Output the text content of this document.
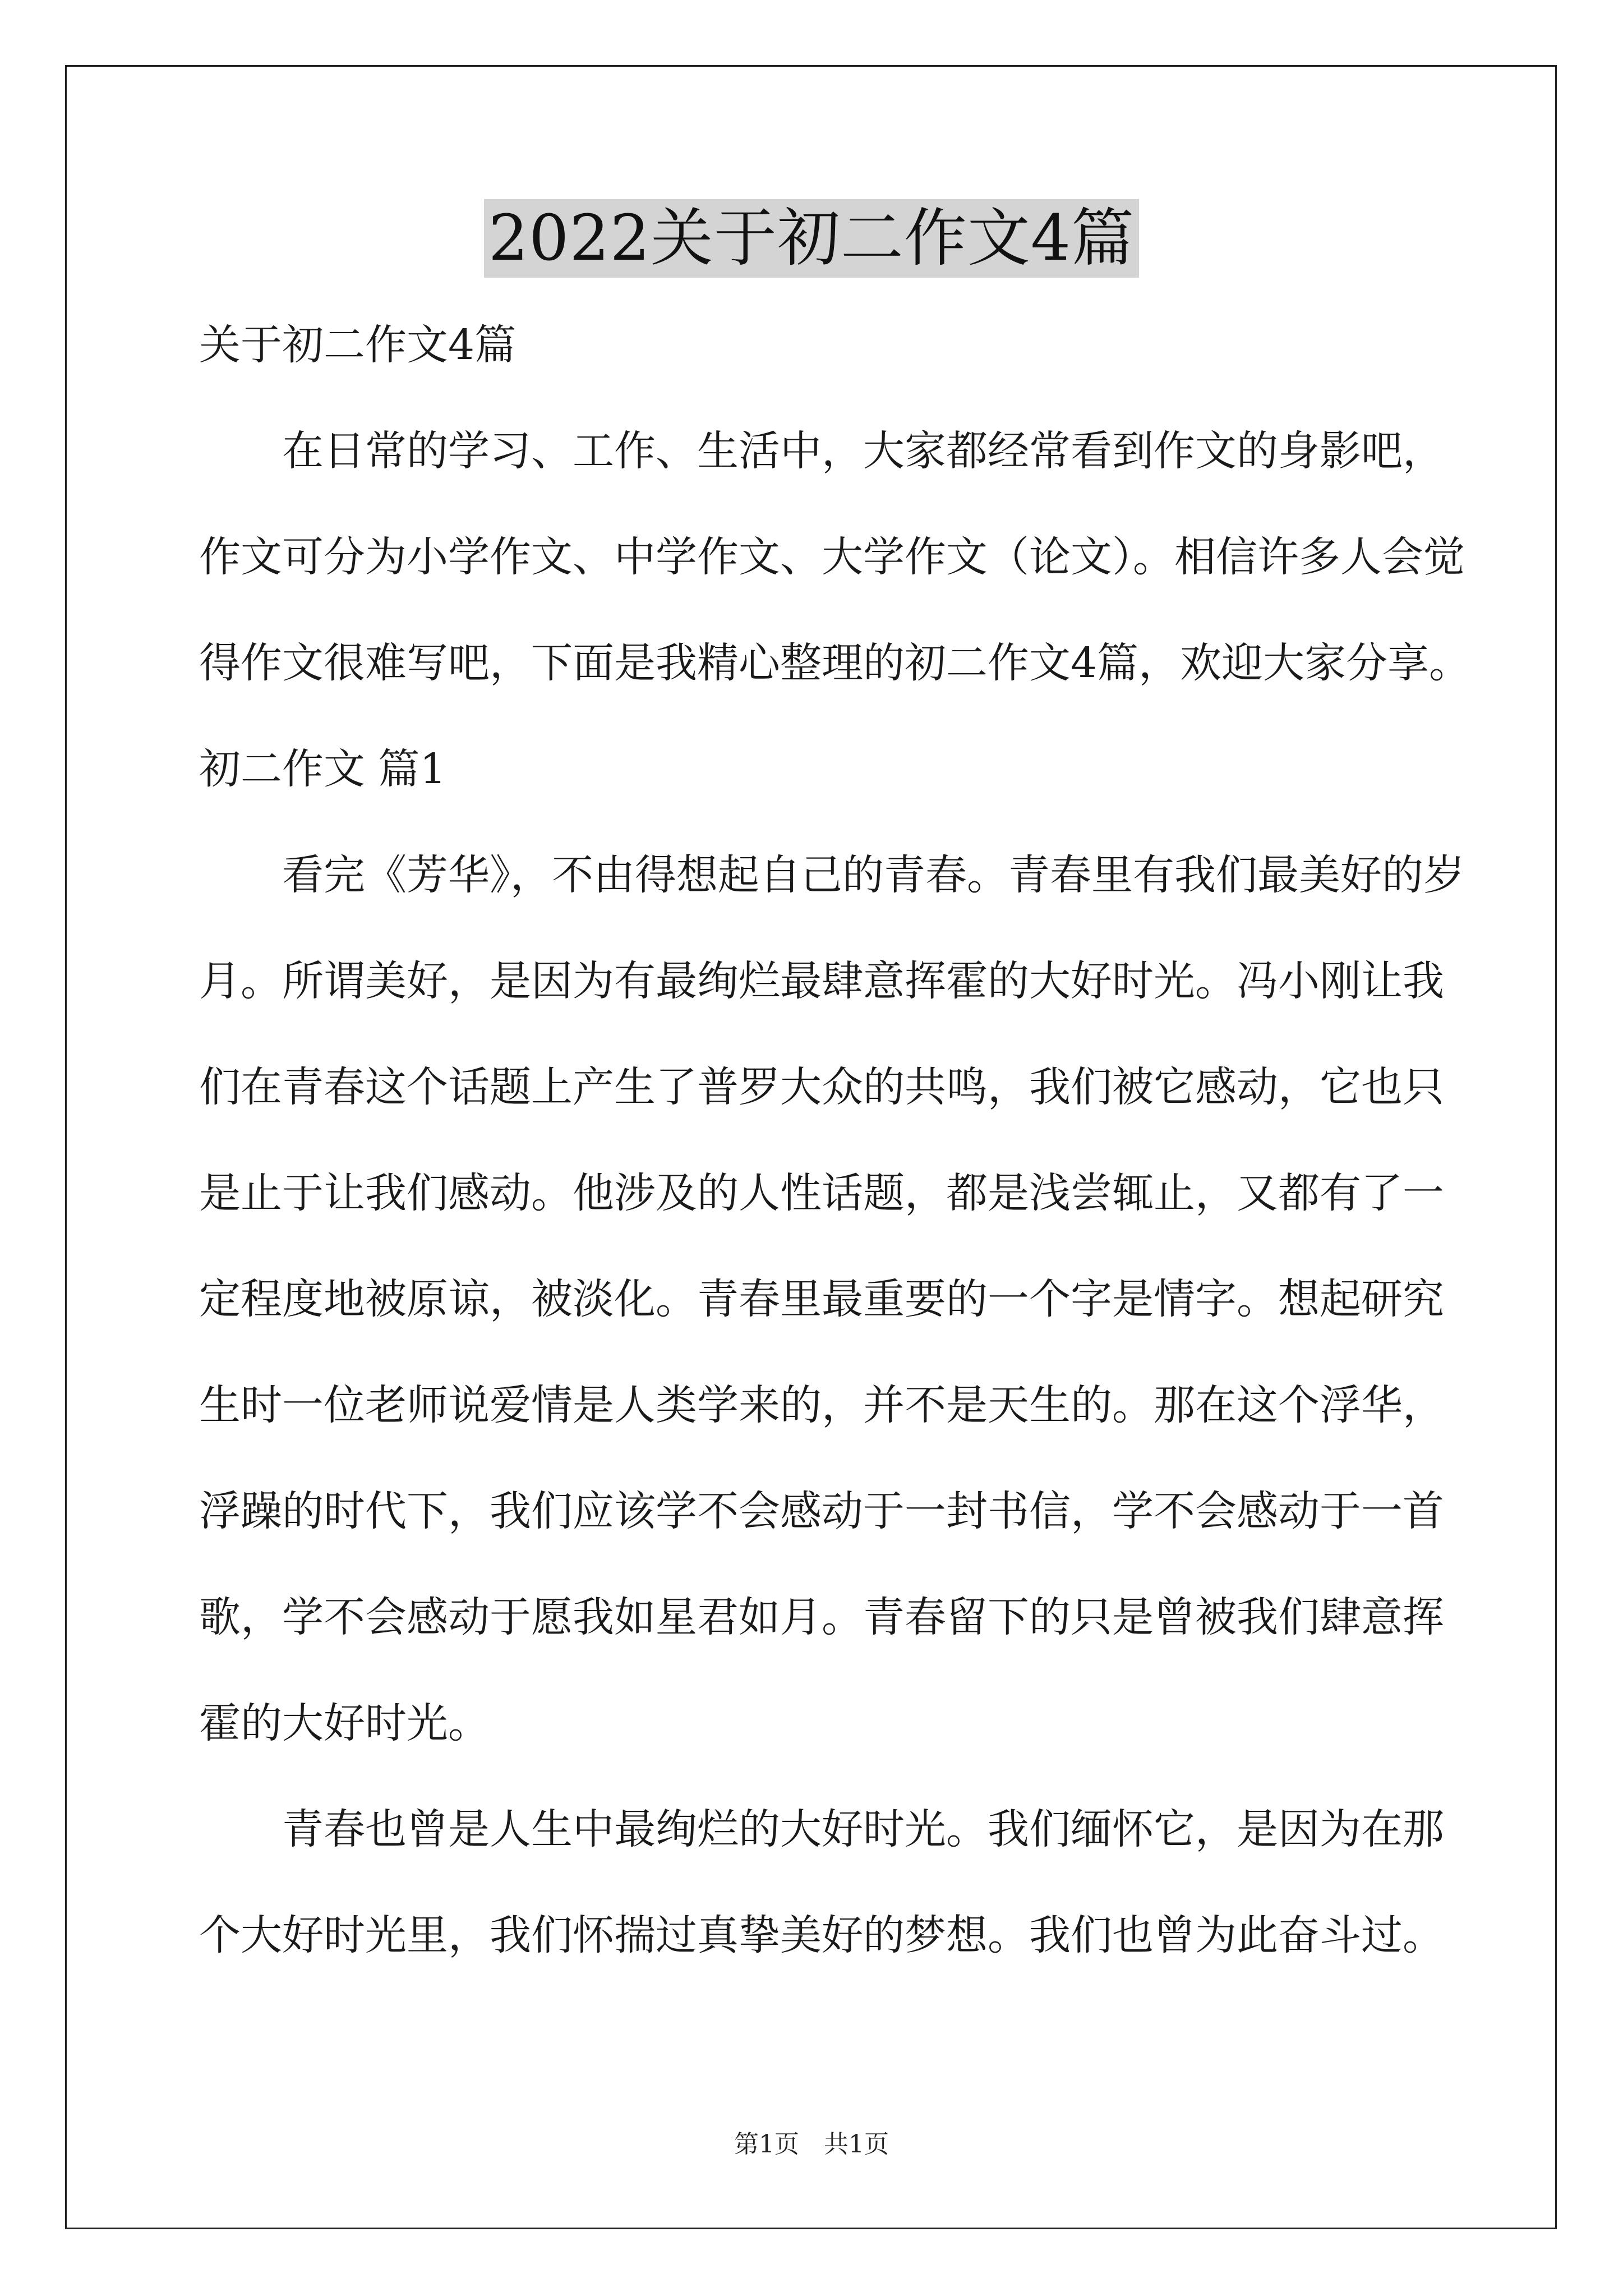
2022关于初二作文4篇
关于初二作文4篇
在日常的学习、工作、生活中，大家都经常看到作文的身影吧，
作文可分为小学作文、中学作文、大学作文（论文）。相信许多人会觉
得作文很难写吧，下面是我精心整理的初二作文4篇，欢迎大家分享。
初二作文 篇1
看完《芳华》，不由得想起自己的青春。青春里有我们最美好的岁
月。所谓美好，是因为有最绚烂最肆意挥霍的大好时光。冯小刚让我
们在青春这个话题上产生了普罗大众的共鸣，我们被它感动，它也只
是止于让我们感动。他涉及的人性话题，都是浅尝辄止，又都有了一
定程度地被原谅，被淡化。青春里最重要的一个字是情字。想起研究
生时一位老师说爱情是人类学来的，并不是天生的。那在这个浮华，
浮躁的时代下，我们应该学不会感动于一封书信，学不会感动于一首
歌，学不会感动于愿我如星君如月。青春留下的只是曾被我们肆意挥
霍的大好时光。
青春也曾是人生中最绚烂的大好时光。我们缅怀它，是因为在那
个大好时光里，我们怀揣过真挚美好的梦想。我们也曾为此奋斗过。
第1页 共1页
